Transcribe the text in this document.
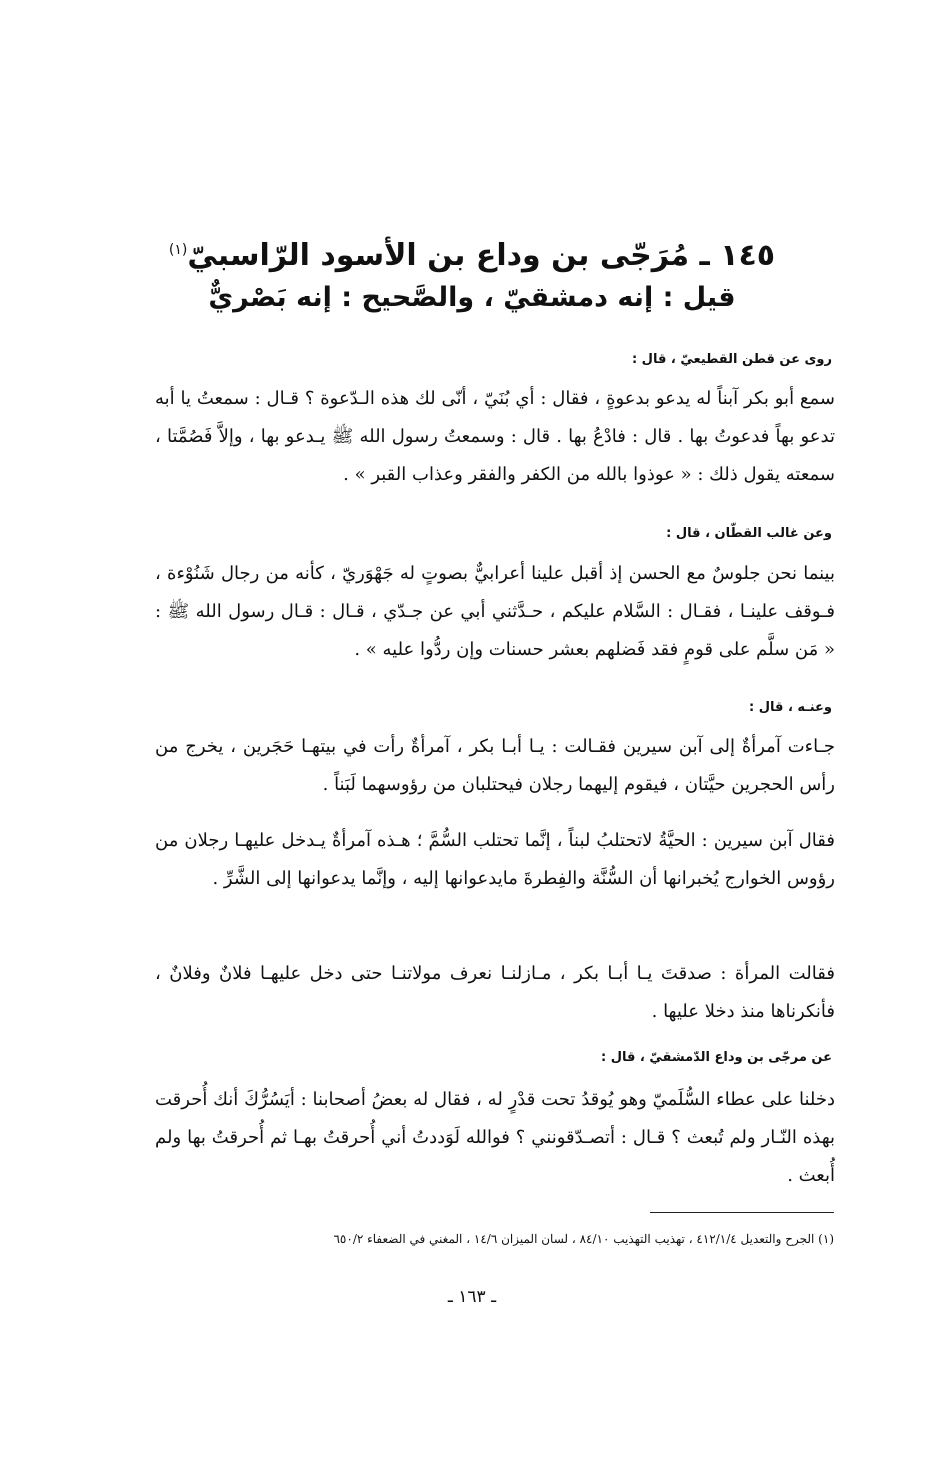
١٤٥ ـ مُرَجّى بن وداع بن الأسود الرّاسبيّ$^{(١)}$
قيل : إنه دمشقيّ ، والصَّحيح : إنه بَصْريٌّ
روى عن قطن القطيعيّ ، قال :
سمع أبو بكر آبناً له يدعو بدعوةٍ ، فقال : أي بُنَيّ ، أنّى لك هذه الـدّعوة ؟ قـال : سمعتُ يا أبه تدعو بهاً فدعوتُ بها . قال : فادْعُ بها . قال : وسمعتُ رسول الله ﷺ يـدعو بها ، وإلاَّ فَصُمَّتا ، سمعته يقول ذلك : « عوذوا بالله من الكفر والفقر وعذاب القبر » .
وعن غالب القطّان ، قال :
بينما نحن جلوسٌ مع الحسن إذ أقبل علينا أعرابيٌّ بصوتٍ له جَهْوَريّ ، كأنه من رجال شَنُوْءة ، فـوقف علينـا ، فقـال : السَّلام عليكم ، حـدَّثني أبي عن جـدّي ، قـال : قـال رسول الله ﷺ : « مَن سلَّم على قومٍ فقد فَضلهم بعشر حسنات وإن ردُّوا عليه » .
وعنـه ، قال :
جـاءت آمرأةٌ إلى آبن سيرين فقـالت : يـا أبـا بكر ، آمرأةٌ رأت في بيتهـا حَجَرين ، يخرج من رأس الحجرين حيَّتان ، فيقوم إليهما رجلان فيحتلبان من رؤوسهما لَبَناً .
فقال آبن سيرين : الحيَّةُ لاتحتلبُ لبناً ، إنَّما تحتلب السُّمَّ ؛ هـذه آمرأةٌ يـدخل عليهـا رجلان من رؤوس الخوارج يُخبرانها أن السُّنَّة والفِطرةَ مايدعوانها إليه ، وإنَّما يدعوانها إلى الشَّرِّ .
فقالت المرأة : صدقتَ يـا أبـا بكر ، مـازلنـا نعرف مولاتنـا حتى دخل عليهـا فلانٌ وفلانٌ ، فأنكرناها منذ دخلا عليها .
عن مرجّى بن وداع الدّمشقيّ ، قال :
دخلنا على عطاء السُّلَميّ وهو يُوقدُ تحت قدْرٍ له ، فقال له بعضُ أصحابنا : أيَسُرُّكَ أنك أُحرقت بهذه النّـار ولم تُبعث ؟ قـال : أتصـدّقونني ؟ فوالله لَوَددتُ أني أُحرقتُ بهـا ثم أُحرقتُ بها ولم أُبعث .
(١) الجرح والتعديل ٤١٢/١/٤ ، تهذيب التهذيب ٨٤/١٠ ، لسان الميزان ١٤/٦ ، المغني في الضعفاء ٦٥٠/٢
ـ ١٦٣ ـ
